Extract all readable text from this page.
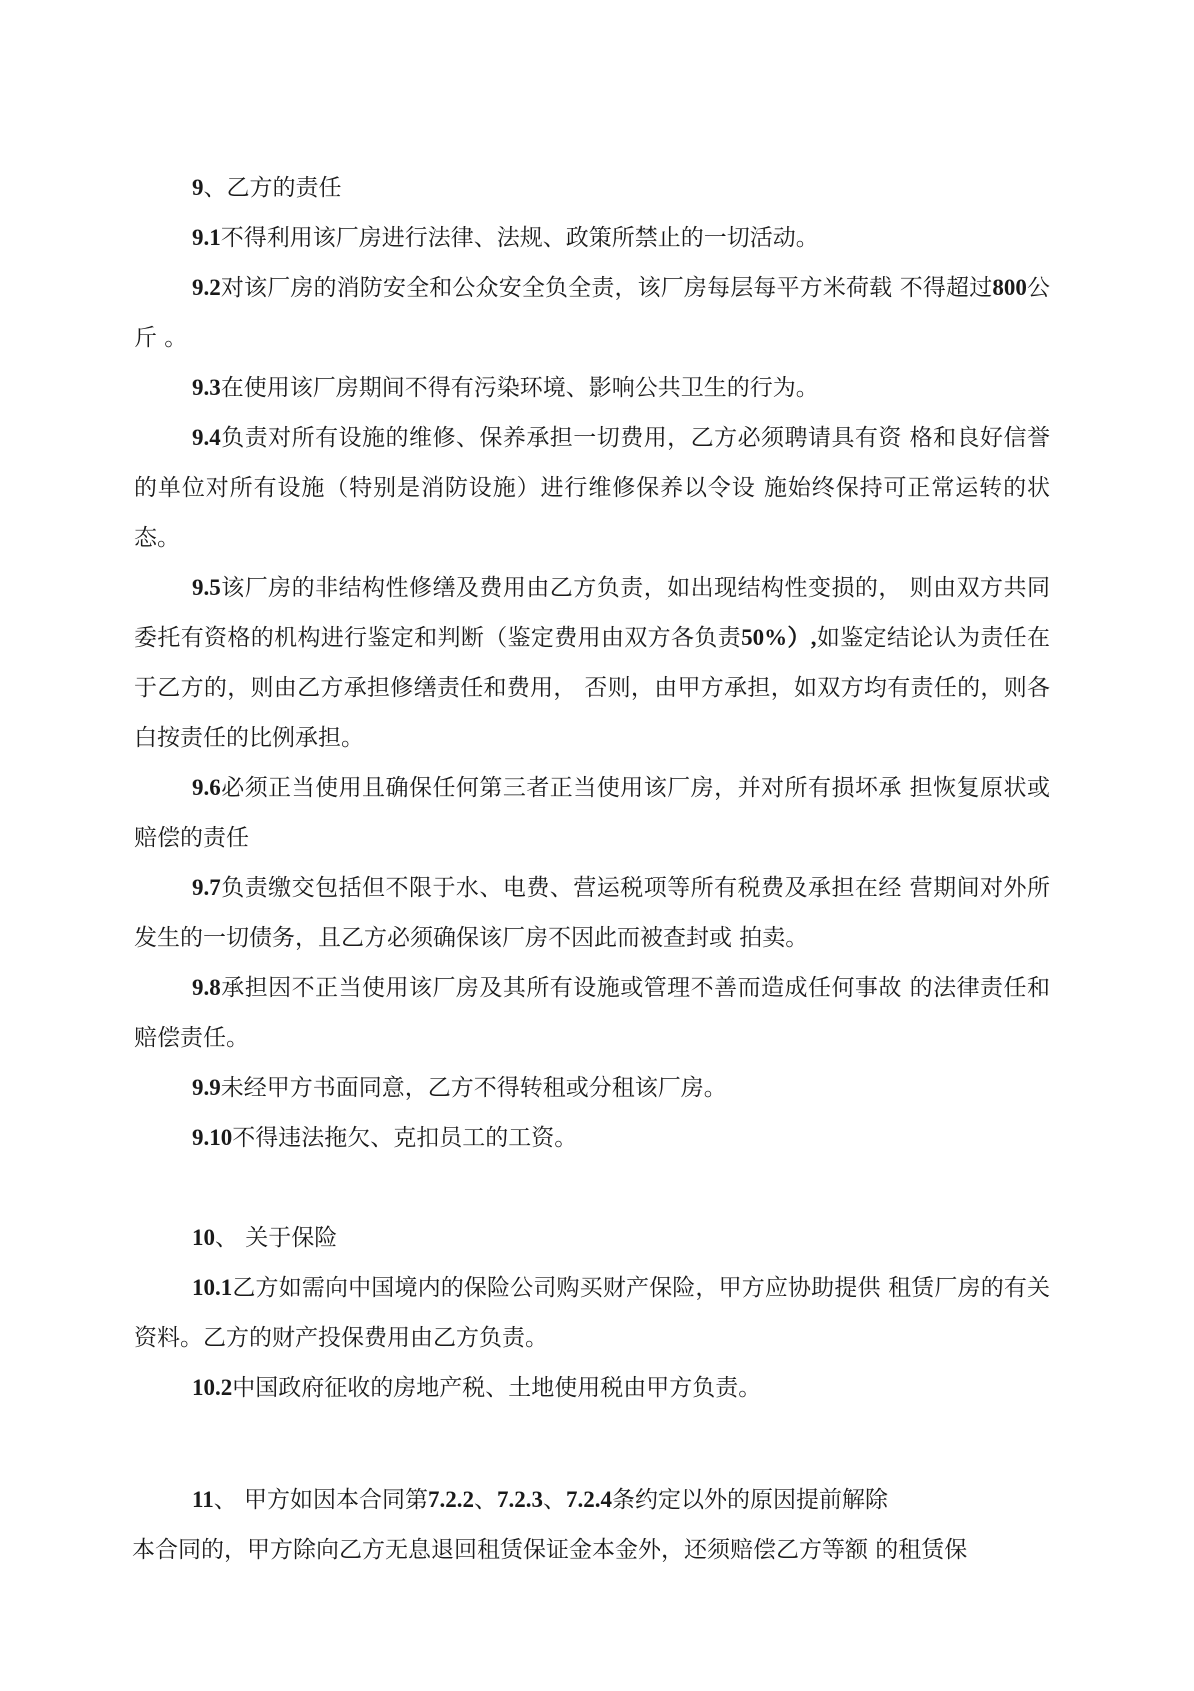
9、乙方的责任

9.1不得利用该厂房进行法律、法规、政策所禁止的一切活动。

9.2对该厂房的消防安全和公众安全负全责，该厂房每层每平方米荷载 不得超过800公斤 。

9.3在使用该厂房期间不得有污染环境、影响公共卫生的行为。

9.4负责对所有设施的维修、保养承担一切费用，乙方必须聘请具有资 格和良好信誉的单位对所有设施（特别是消防设施）进行维修保养以令设 施始终保持可正常运转的状态。

9.5该厂房的非结构性修缮及费用由乙方负责，如出现结构性变损的， 则由双方共同委托有资格的机构进行鉴定和判断（鉴定费用由双方各负责50%）,如鉴定结论认为责任在于乙方的，则由乙方承担修缮责任和费用， 否则，由甲方承担，如双方均有责任的，则各白按责任的比例承担。

9.6必须正当使用且确保任何第三者正当使用该厂房，并对所有损坏承 担恢复原状或赔偿的责任

9.7负责缴交包括但不限于水、电费、营运税项等所有税费及承担在经 营期间对外所发生的一切债务，且乙方必须确保该厂房不因此而被查封或 拍卖。

9.8承担因不正当使用该厂房及其所有设施或管理不善而造成任何事故 的法律责任和赔偿责任。

9.9未经甲方书面同意，乙方不得转租或分租该厂房。

9.10不得违法拖欠、克扣员工的工资。

10、 关于保险

10.1乙方如需向中国境内的保险公司购买财产保险，甲方应协助提供 租赁厂房的有关资料。乙方的财产投保费用由乙方负责。

10.2中国政府征收的房地产税、土地使用税由甲方负责。

11、 甲方如因本合同第7.2.2、7.2.3、7.2.4条约定以外的原因提前解除

本合同的，甲方除向乙方无息退回租赁保证金本金外，还须赔偿乙方等额 的租赁保
